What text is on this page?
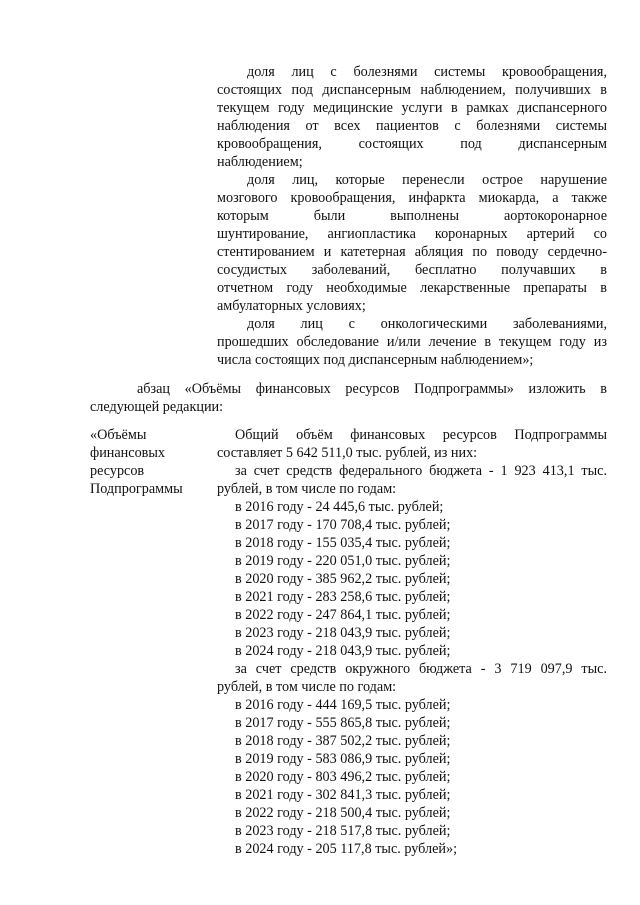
доля лиц с болезнями системы кровообращения,
состоящих под диспансерным наблюдением, получивших в
текущем году медицинские услуги в рамках диспансерного
наблюдения от всех пациентов с болезнями системы
кровообращения, состоящих под диспансерным
наблюдением;
доля лиц, которые перенесли острое нарушение
мозгового кровообращения, инфаркта миокарда, а также
которым были выполнены аортокоронарное
шунтирование, ангиопластика коронарных артерий со
стентированием и катетерная абляция по поводу сердечно-
сосудистых заболеваний, бесплатно получавших в
отчетном году необходимые лекарственные препараты в
амбулаторных условиях;
доля лиц с онкологическими заболеваниями,
прошедших обследование и/или лечение в текущем году из
числа состоящих под диспансерным наблюдением»;
абзац «Объёмы финансовых ресурсов Подпрограммы» изложить в
следующей редакции:
«Объёмы
финансовых
ресурсов
Подпрограммы
Общий объём финансовых ресурсов Подпрограммы
составляет 5 642 511,0 тыс. рублей, из них:
за счет средств федерального бюджета - 1 923 413,1 тыс.
рублей, в том числе по годам:
в 2016 году - 24 445,6 тыс. рублей;
в 2017 году - 170 708,4 тыс. рублей;
в 2018 году - 155 035,4 тыс. рублей;
в 2019 году - 220 051,0 тыс. рублей;
в 2020 году - 385 962,2 тыс. рублей;
в 2021 году - 283 258,6 тыс. рублей;
в 2022 году - 247 864,1 тыс. рублей;
в 2023 году - 218 043,9 тыс. рублей;
в 2024 году - 218 043,9 тыс. рублей;
за счет средств окружного бюджета - 3 719 097,9 тыс.
рублей, в том числе по годам:
в 2016 году - 444 169,5 тыс. рублей;
в 2017 году - 555 865,8 тыс. рублей;
в 2018 году - 387 502,2 тыс. рублей;
в 2019 году - 583 086,9 тыс. рублей;
в 2020 году - 803 496,2 тыс. рублей;
в 2021 году - 302 841,3 тыс. рублей;
в 2022 году - 218 500,4 тыс. рублей;
в 2023 году - 218 517,8 тыс. рублей;
в 2024 году - 205 117,8 тыс. рублей»;
